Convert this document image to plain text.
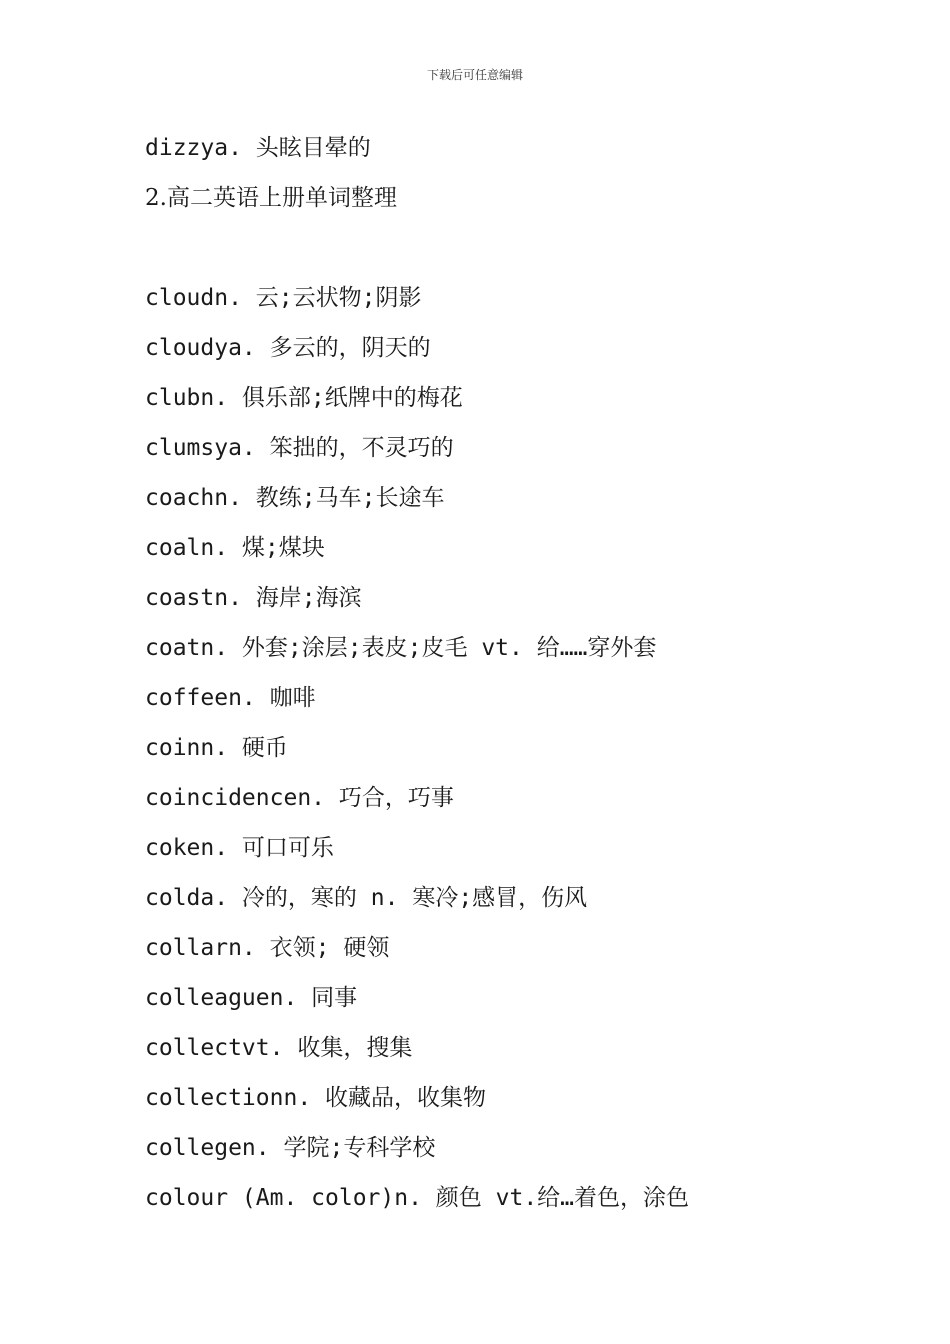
下载后可任意编辑
dizzya. 头眩目晕的
2.高二英语上册单词整理
cloudn. 云;云状物;阴影
cloudya. 多云的，阴天的
clubn. 俱乐部;纸牌中的梅花
clumsya. 笨拙的，不灵巧的
coachn. 教练;马车;长途车
coaln. 煤;煤块
coastn. 海岸;海滨
coatn. 外套;涂层;表皮;皮毛 vt. 给……穿外套
coffeen. 咖啡
coinn. 硬币
coincidencen. 巧合，巧事
coken. 可口可乐
colda. 冷的，寒的 n. 寒冷;感冒，伤风
collarn. 衣领; 硬领
colleaguen. 同事
collectvt. 收集，搜集
collectionn. 收藏品，收集物
collegen. 学院;专科学校
colour (Am. color)n. 颜色 vt.给…着色，涂色
